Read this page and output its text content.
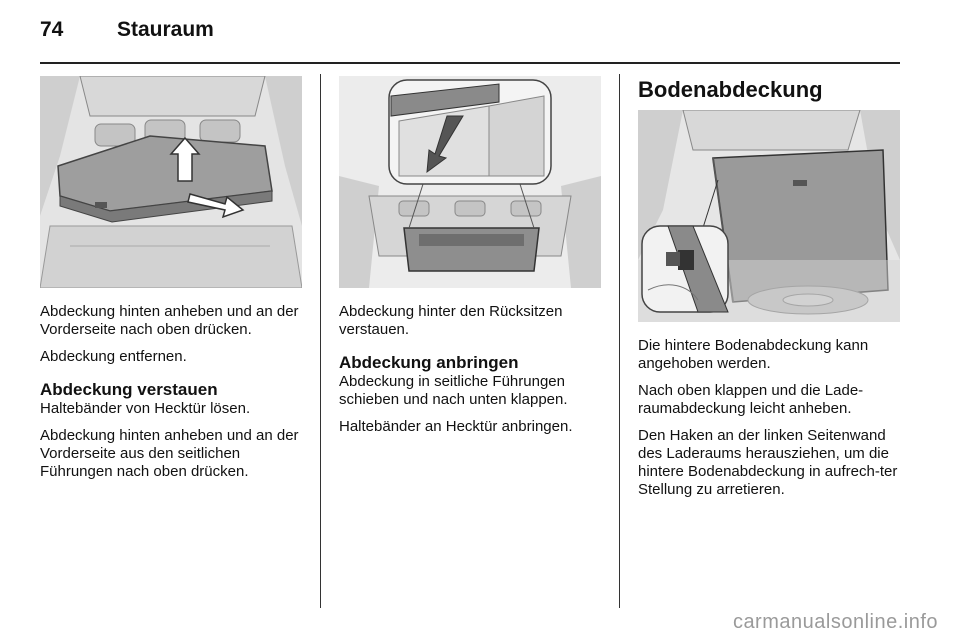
74	Stauraum

Abdeckung hinten anheben und an der Vorderseite nach oben drücken.

Abdeckung entfernen.

Abdeckung verstauen

Haltebänder von Hecktür lösen.

Abdeckung hinten anheben und an der Vorderseite aus den seitlichen Führungen nach oben drücken.

Abdeckung hinter den Rücksitzen verstauen.

Abdeckung anbringen

Abdeckung in seitliche Führungen schieben und nach unten klappen.

Haltebänder an Hecktür anbringen.

Bodenabdeckung

Die hintere Bodenabdeckung kann angehoben werden.

Nach oben klappen und die Lade-raumabdeckung leicht anheben.

Den Haken an der linken Seitenwand des Laderaums herausziehen, um die hintere Bodenabdeckung in aufrech-ter Stellung zu arretieren.

carmanualsonline.info
